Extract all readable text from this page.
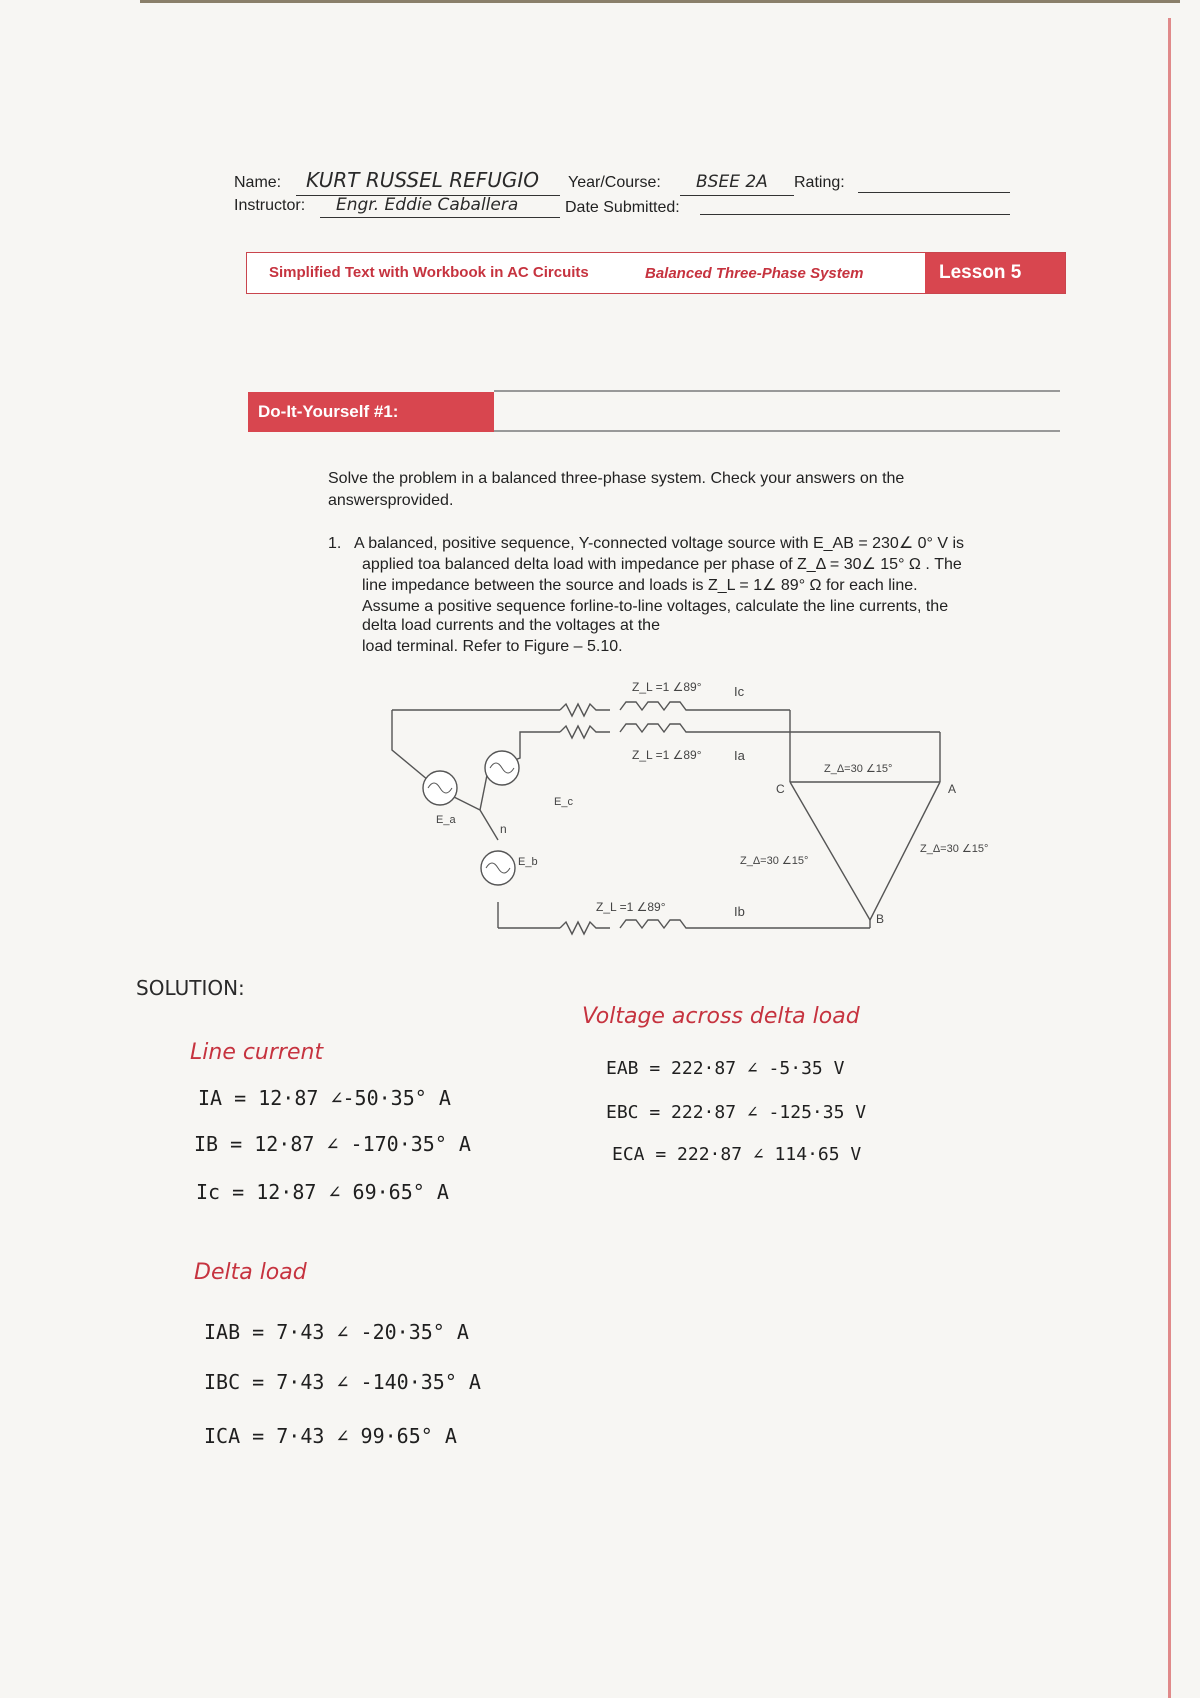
Name: KURT RUSSEL REFUGIO Year/Course: BSEE 2A Rating:
Instructor: Engr. Eddie Caballera	Date Submitted:
Simplified Text with Workbook in AC Circuits	Balanced Three-Phase System	Lesson 5
Do-It-Yourself #1:
Solve the problem in a balanced three-phase system. Check your answers on the
answersprovided.
1. A balanced, positive sequence, Y-connected voltage source with E_AB = 230∠ 0° V is
applied toa balanced delta load with impedance per phase of Z_Δ = 30∠ 15° Ω . The
line impedance between the source and loads is Z_L = 1∠ 89° Ω for each line.
Assume a positive sequence forline-to-line voltages, calculate the line currents, the
delta load currents and the voltages at the
load terminal. Refer to Figure – 5.10.
Z_L =1 ∠89°	Ic
Z_L =1 ∠89°	Ia
Z_L =1 ∠89°	Ib
Z_Δ=30 ∠15°
Z_Δ=30 ∠15°
Z_Δ=30 ∠15°
A
B
C
n
E_a
E_b
E_c
SOLUTION:
Line current
IA = 12·87 ∠-50·35° A
IB = 12·87 ∠ -170·35° A
Ic = 12·87 ∠ 69·65° A
Delta load
IAB = 7·43 ∠ -20·35° A
IBC = 7·43 ∠ -140·35° A
ICA = 7·43 ∠ 99·65° A
Voltage across delta load
EAB = 222·87 ∠ -5·35 V
EBC = 222·87 ∠ -125·35 V
ECA = 222·87 ∠ 114·65 V
